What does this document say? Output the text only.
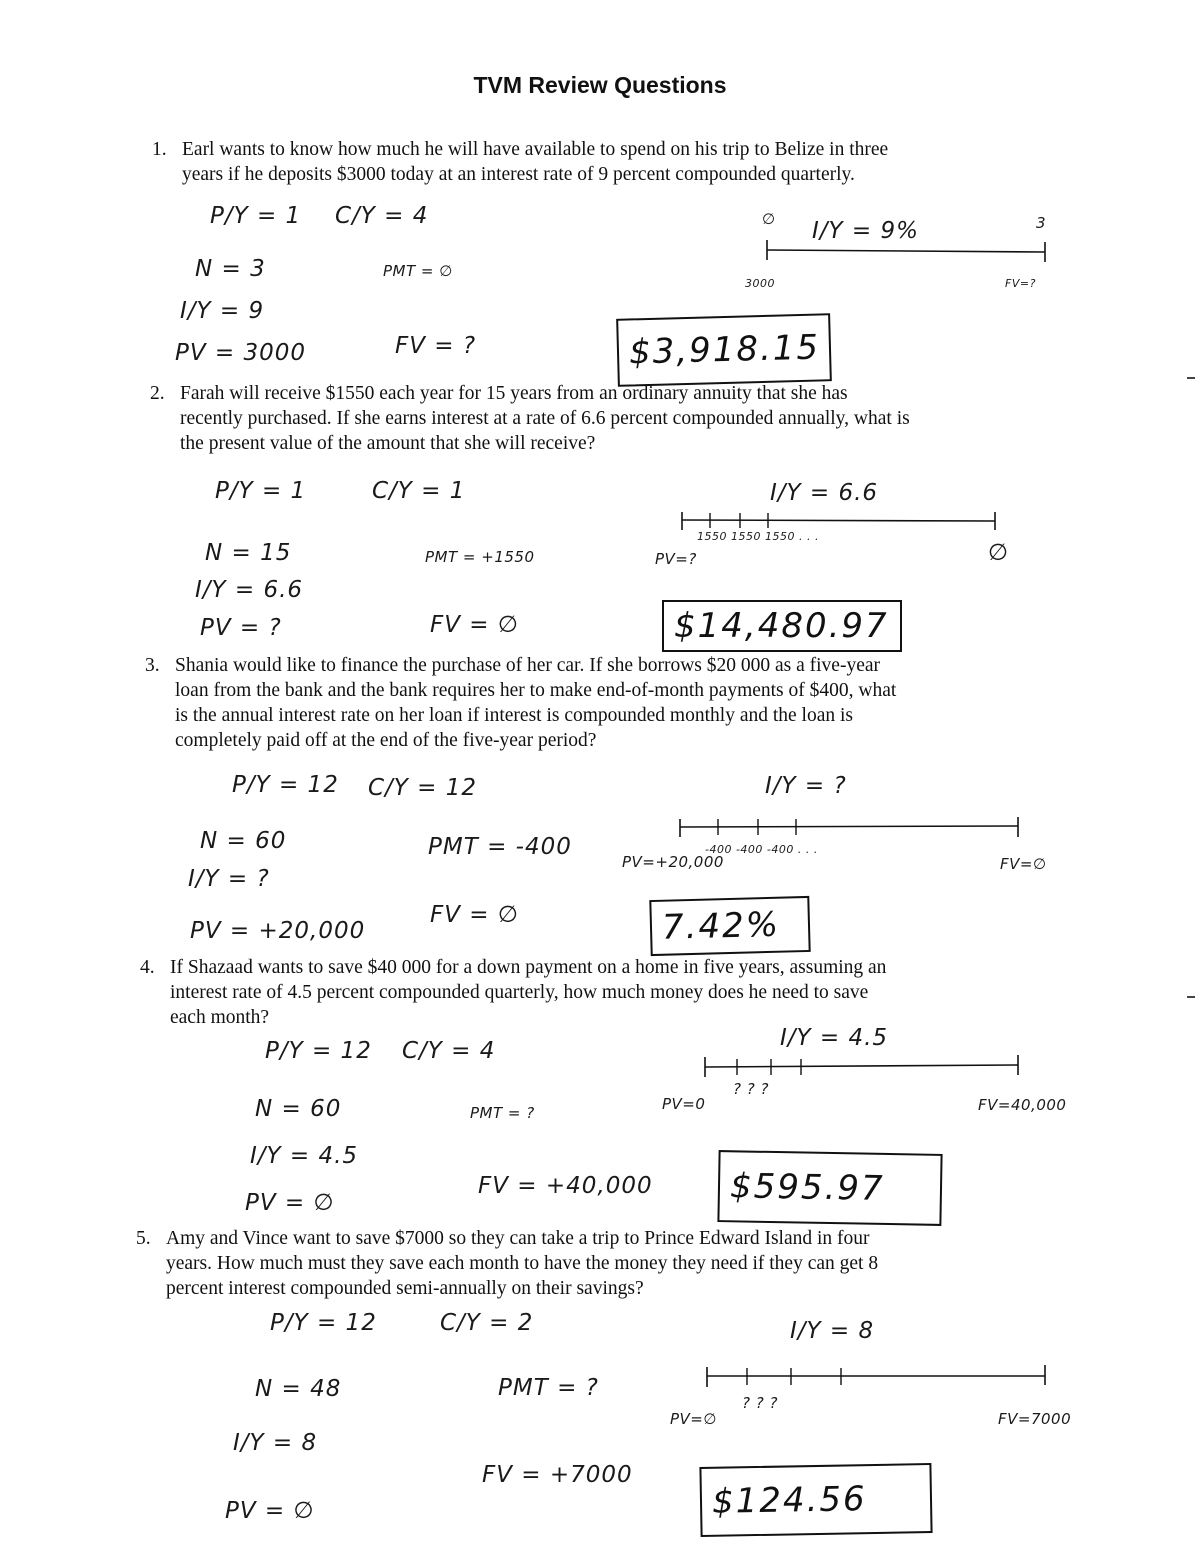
TVM Review Questions
1. Earl wants to know how much he will have available to spend on his trip to Belize in three
years if he deposits $3000 today at an interest rate of 9 percent compounded quarterly.
P/Y = 1 C/Y = 4
N = 3	PMT = ∅
I/Y = 9
PV = 3000	FV = ?
∅	3
I/Y = 9%
3000	FV=?
$3,918.15
2. Farah will receive $1550 each year for 15 years from an ordinary annuity that she has
recently purchased. If she earns interest at a rate of 6.6 percent compounded annually, what is
the present value of the amount that she will receive?
P/Y = 1	C/Y = 1
N = 15	PMT = +1550
I/Y = 6.6
PV = ?	FV = ∅
I/Y = 6.6
1550 1550 1550 . . .
PV=?	∅
$14,480.97
3. Shania would like to finance the purchase of her car. If she borrows $20 000 as a five-year
loan from the bank and the bank requires her to make end-of-month payments of $400, what
is the annual interest rate on her loan if interest is compounded monthly and the loan is
completely paid off at the end of the five-year period?
P/Y = 12 C/Y = 12
N = 60	PMT = -400
I/Y = ?
PV = +20,000
FV = ∅
I/Y = ?
-400 -400 -400 . . .
PV=+20,000	FV=∅
7.42%
4. If Shazaad wants to save $40 000 for a down payment on a home in five years, assuming an
interest rate of 4.5 percent compounded quarterly, how much money does he need to save
each month?
P/Y = 12 C/Y = 4
N = 60	PMT = ?
I/Y = 4.5
PV = ∅
FV = +40,000
I/Y = 4.5
? ? ?
PV=0	FV=40,000
$595.97
5. Amy and Vince want to save $7000 so they can take a trip to Prince Edward Island in four
years. How much must they save each month to have the money they need if they can get 8
percent interest compounded semi-annually on their savings?
P/Y = 12	C/Y = 2
N = 48	PMT = ?
I/Y = 8
PV = ∅
FV = +7000
I/Y = 8
? ? ?
PV=∅	FV=7000
$124.56
